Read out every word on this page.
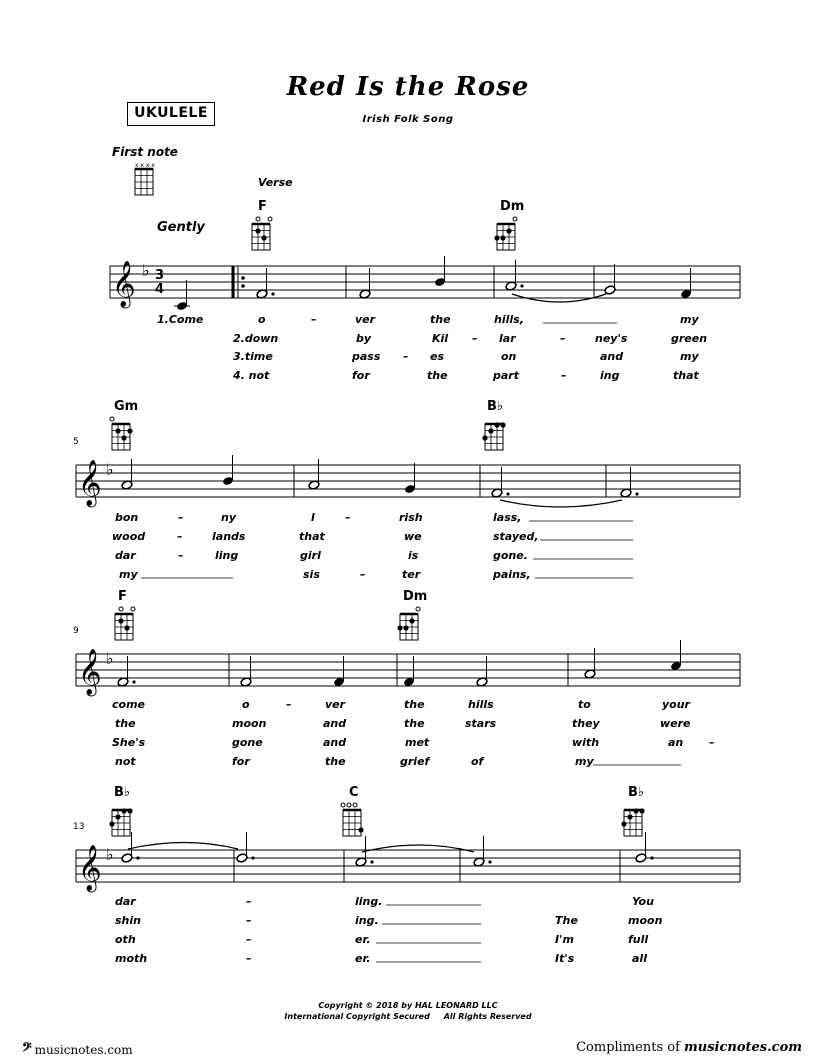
Red Is the Rose
UKULELE	Irish Folk Song
First note
Verse
Gently
F	Dm
Gm	B♭
F	Dm
B♭	C	B♭
5
9
13
x x x x
𝄞 ♭ 3
4
𝄞 ♭
𝄞 ♭
𝄞 ♭
1.Come	o	–	ver	the	hills,	my
2.down	by	Kil – lar	–	ney's	green
3.time	pass – es	on	and	my
4. not	for	the	part	–	ing	that
bon	–	ny	I	–	rish	lass,
wood	–	lands	that	we	stayed,
dar	–	ling	girl	is	gone.
my	sis	–	ter	pains,
come	o	–	ver	the	hills	to	your
the	moon	and	the	stars	they	were
She's	gone	and	met	with	an –
not	for	the	grief	of	my
dar	–	ling.	You
shin	–	ing.	The	moon
oth	–	er.	I'm	full
moth	–	er.	It's	all
Copyright © 2018 by HAL LEONARD LLC
International Copyright Secured     All Rights Reserved
𝄢 musicnotes.com	Compliments of musicnotes.com
